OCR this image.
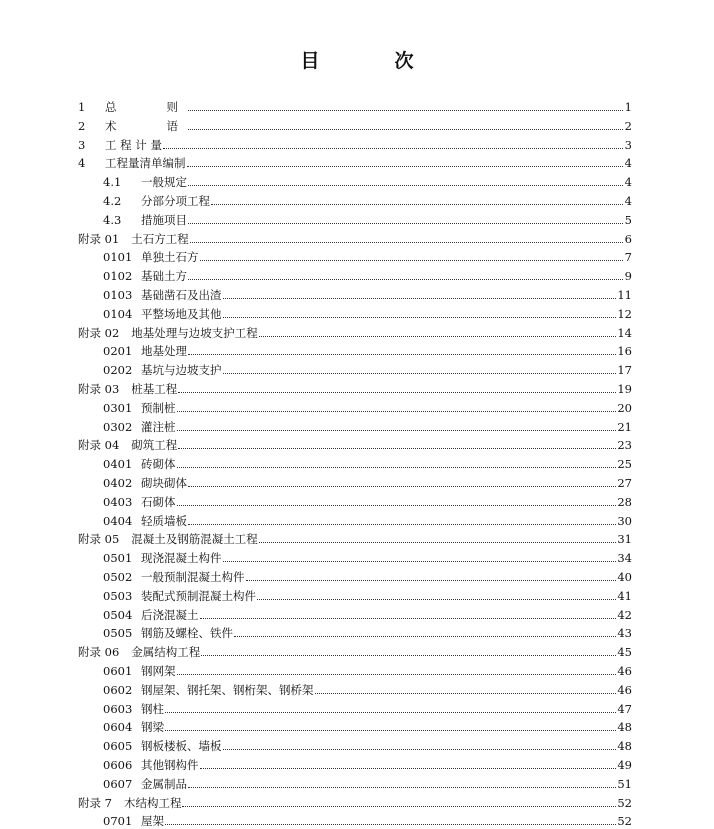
目　次
1	总　　则	1
2	术　　语	2
3	工 程 计 量	3
4	工程量清单编制	4
4.1	一般规定	4
4.2	分部分项工程	4
4.3	措施项目	5
附录 01 土石方工程	6
0101 单独土石方	7
0102 基础土方	9
0103 基础凿石及出渣	11
0104 平整场地及其他	12
附录 02 地基处理与边坡支护工程	14
0201 地基处理	16
0202 基坑与边坡支护	17
附录 03 桩基工程	19
0301 预制桩	20
0302 灌注桩	21
附录 04 砌筑工程	23
0401 砖砌体	25
0402 砌块砌体	27
0403 石砌体	28
0404 轻质墙板	30
附录 05 混凝土及钢筋混凝土工程	31
0501 现浇混凝土构件	34
0502 一般预制混凝土构件	40
0503 装配式预制混凝土构件	41
0504 后浇混凝土	42
0505 钢筋及螺栓、铁件	43
附录 06 金属结构工程	45
0601 钢网架	46
0602 钢屋架、钢托架、钢桁架、钢桥架	46
0603 钢柱	47
0604 钢梁	48
0605 钢板楼板、墙板	48
0606 其他钢构件	49
0607 金属制品	51
附录 7 木结构工程	52
0701 屋架	52
